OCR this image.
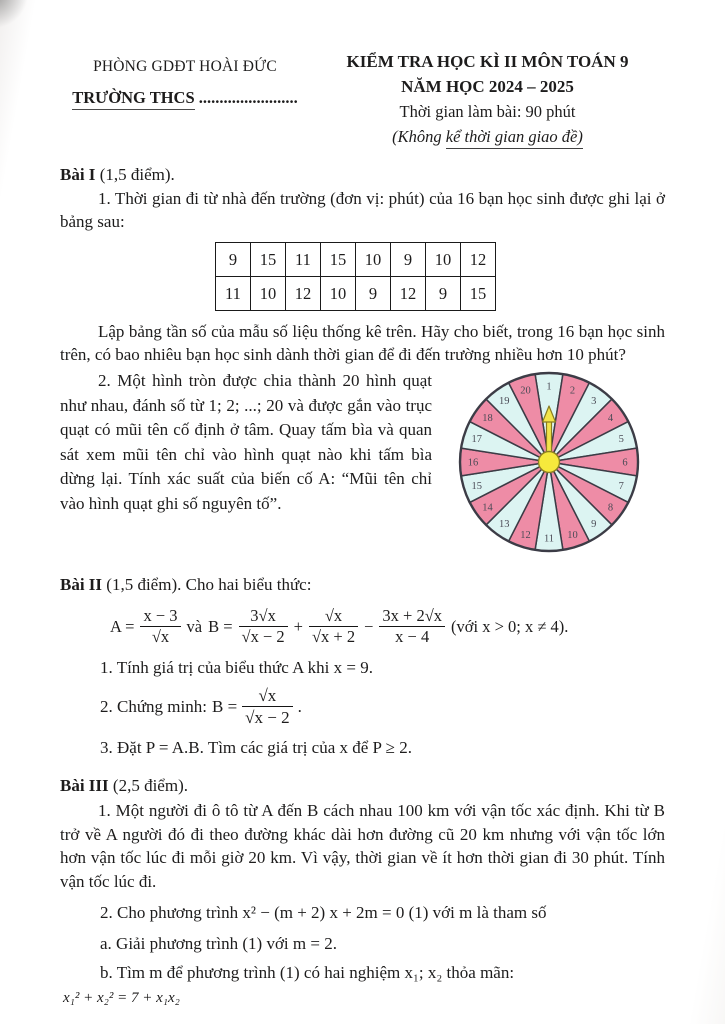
PHÒNG GDĐT HOÀI ĐỨC
TRƯỜNG THCS ........................
KIỂM TRA HỌC KÌ II MÔN TOÁN 9
NĂM HỌC 2024 – 2025
Thời gian làm bài: 90 phút
(Không kể thời gian giao đề)
Bài I (1,5 điểm).

1. Thời gian đi từ nhà đến trường (đơn vị: phút) của 16 bạn học sinh được ghi lại ở bảng sau:

9	15	11	15	10	9	10	12
11	10	12	10	9	12	9	15

Lập bảng tần số của mẫu số liệu thống kê trên. Hãy cho biết, trong 16 bạn học sinh trên, có bao nhiêu bạn học sinh dành thời gian để đi đến trường nhiều hơn 10 phút?

2. Một hình tròn được chia thành 20 hình quạt như nhau, đánh số từ 1; 2; ...; 20 và được gắn vào trục quạt có mũi tên cố định ở tâm. Quay tấm bìa và quan sát xem mũi tên chỉ vào hình quạt nào khi tấm bìa dừng lại. Tính xác suất của biến cố A: “Mũi tên chỉ vào hình quạt ghi số nguyên tố”.

1 2
3
4
5
6
7
8
9
10
11
12
13
14
15
16
17
18
19
20
Bài II (1,5 điểm). Cho hai biểu thức:
$A = \frac{x - 3}{√x}$ và $B = \frac{3√x}{√x - 2} + \frac{√x}{√x + 2} - \frac{3x + 2√x}{x - 4}$ (với x > 0; x ≠ 4).

1. Tính giá trị của biểu thức A khi x = 9.

2. Chứng minh: $B = \frac{√x}{√x - 2}$ .

3. Đặt P = A.B. Tìm các giá trị của x để P ≥ 2.

Bài III (2,5 điểm).

1. Một người đi ô tô từ A đến B cách nhau 100 km với vận tốc xác định. Khi từ B trở về A người đó đi theo đường khác dài hơn đường cũ 20 km nhưng với vận tốc lớn hơn vận tốc lúc đi mỗi giờ 20 km. Vì vậy, thời gian về ít hơn thời gian đi 30 phút. Tính vận tốc lúc đi.

2. Cho phương trình x² − (m + 2) x + 2m = 0 (1) với m là tham số

a. Giải phương trình (1) với m = 2.

b. Tìm m để phương trình (1) có hai nghiệm x₁; x₂ thỏa mãn:

x₁² + x₂² = 7 + x₁x₂
